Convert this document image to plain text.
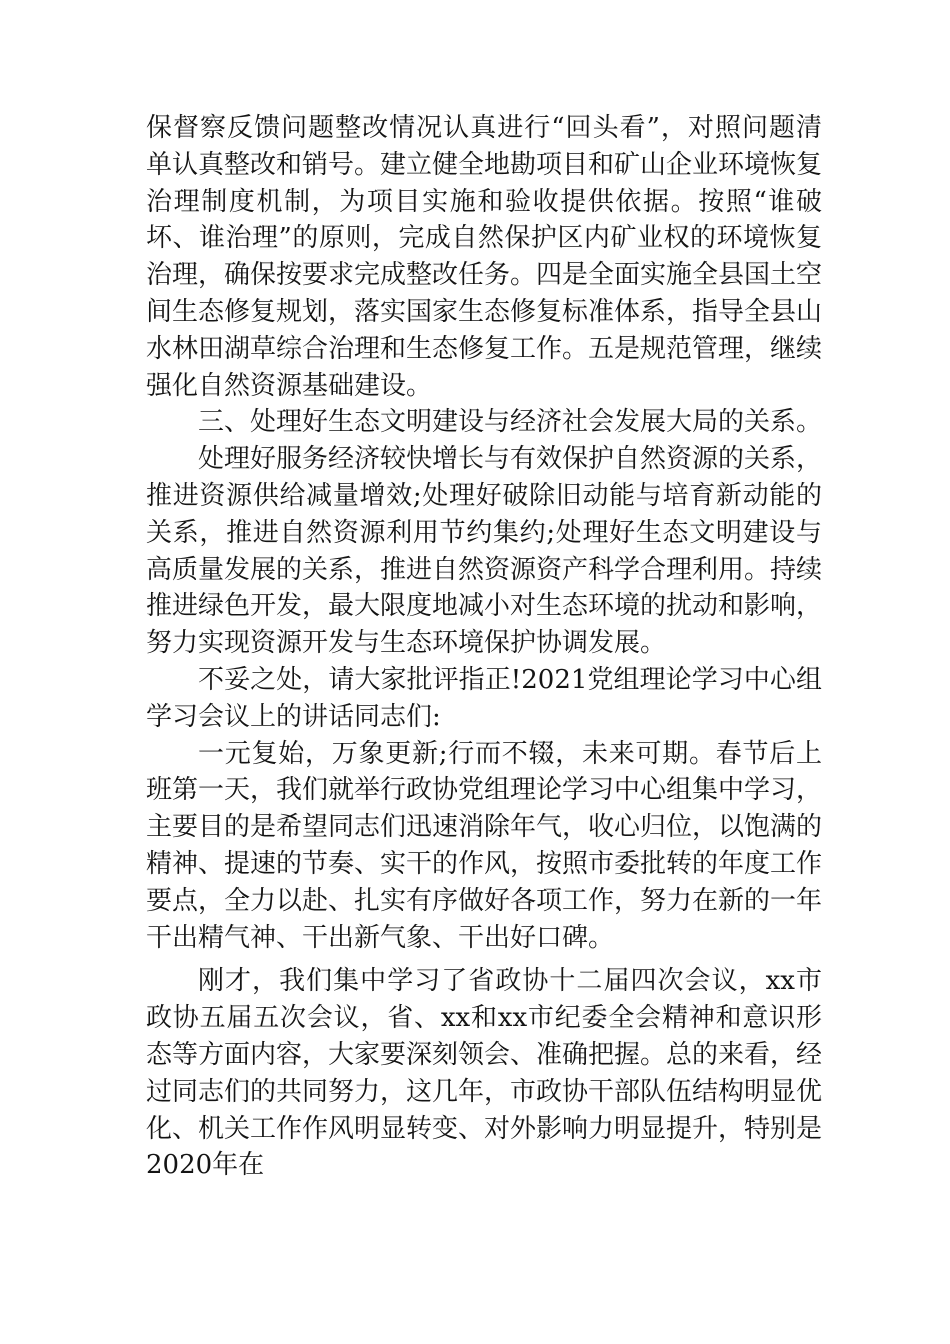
保督察反馈问题整改情况认真进行“回头看”，对照问题清单认真整改和销号。建立健全地勘项目和矿山企业环境恢复治理制度机制，为项目实施和验收提供依据。按照“谁破坏、谁治理”的原则，完成自然保护区内矿业权的环境恢复治理，确保按要求完成整改任务。四是全面实施全县国土空间生态修复规划，落实国家生态修复标准体系，指导全县山水林田湖草综合治理和生态修复工作。五是规范管理，继续强化自然资源基础建设。

三、处理好生态文明建设与经济社会发展大局的关系。

处理好服务经济较快增长与有效保护自然资源的关系，推进资源供给减量增效;处理好破除旧动能与培育新动能的关系，推进自然资源利用节约集约;处理好生态文明建设与高质量发展的关系，推进自然资源资产科学合理利用。持续推进绿色开发，最大限度地减小对生态环境的扰动和影响，努力实现资源开发与生态环境保护协调发展。

不妥之处，请大家批评指正!2021党组理论学习中心组学习会议上的讲话同志们:

一元复始，万象更新;行而不辍，未来可期。春节后上班第一天，我们就举行政协党组理论学习中心组集中学习，主要目的是希望同志们迅速消除年气，收心归位，以饱满的精神、提速的节奏、实干的作风，按照市委批转的年度工作要点，全力以赴、扎实有序做好各项工作，努力在新的一年干出精气神、干出新气象、干出好口碑。

刚才，我们集中学习了省政协十二届四次会议，xx市政协五届五次会议，省、xx和xx市纪委全会精神和意识形态等方面内容，大家要深刻领会、准确把握。总的来看，经过同志们的共同努力，这几年，市政协干部队伍结构明显优化、机关工作作风明显转变、对外影响力明显提升，特别是2020年在
